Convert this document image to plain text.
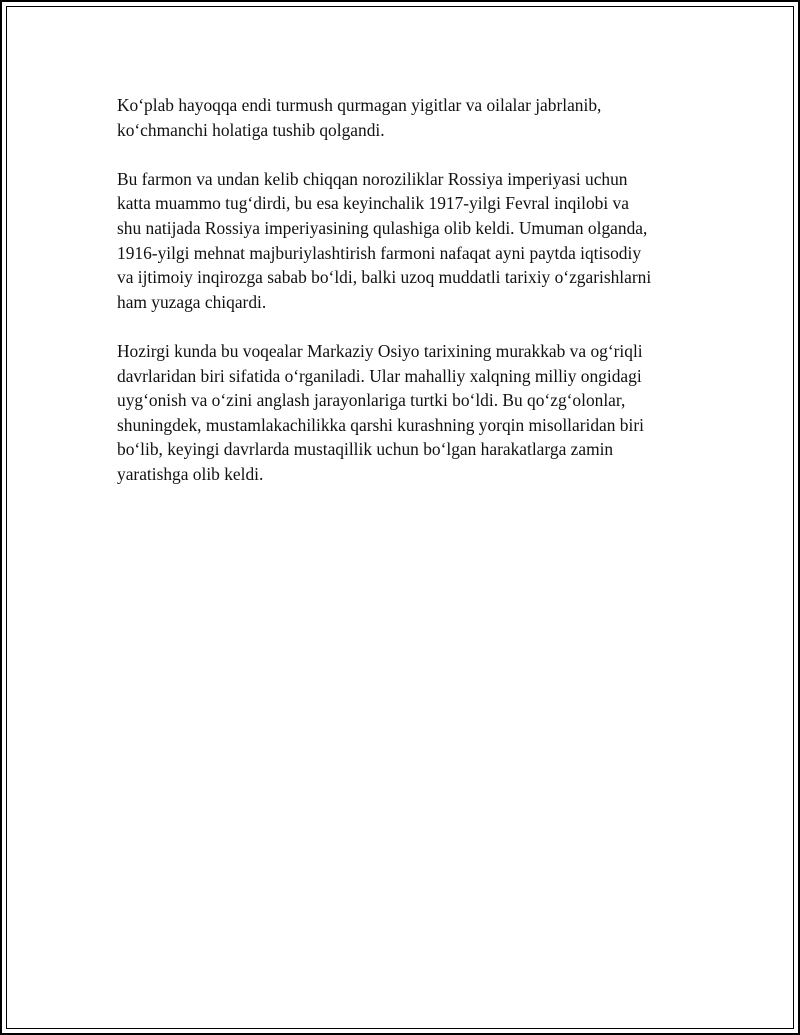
Ko‘plab hayoqqa endi turmush qurmagan yigitlar va oilalar jabrlanib,
ko‘chmanchi holatiga tushib qolgandi.

Bu farmon va undan kelib chiqqan noroziliklar Rossiya imperiyasi uchun
katta muammo tug‘dirdi, bu esa keyinchalik 1917-yilgi Fevral inqilobi va
shu natijada Rossiya imperiyasining qulashiga olib keldi. Umuman olganda,
1916-yilgi mehnat majburiylashtirish farmoni nafaqat ayni paytda iqtisodiy
va ijtimoiy inqirozga sabab bo‘ldi, balki uzoq muddatli tarixiy o‘zgarishlarni
ham yuzaga chiqardi.

Hozirgi kunda bu voqealar Markaziy Osiyo tarixining murakkab va og‘riqli
davrlaridan biri sifatida o‘rganiladi. Ular mahalliy xalqning milliy ongidagi
uyg‘onish va o‘zini anglash jarayonlariga turtki bo‘ldi. Bu qo‘zg‘olonlar,
shuningdek, mustamlakachilikka qarshi kurashning yorqin misollaridan biri
bo‘lib, keyingi davrlarda mustaqillik uchun bo‘lgan harakatlarga zamin
yaratishga olib keldi.
